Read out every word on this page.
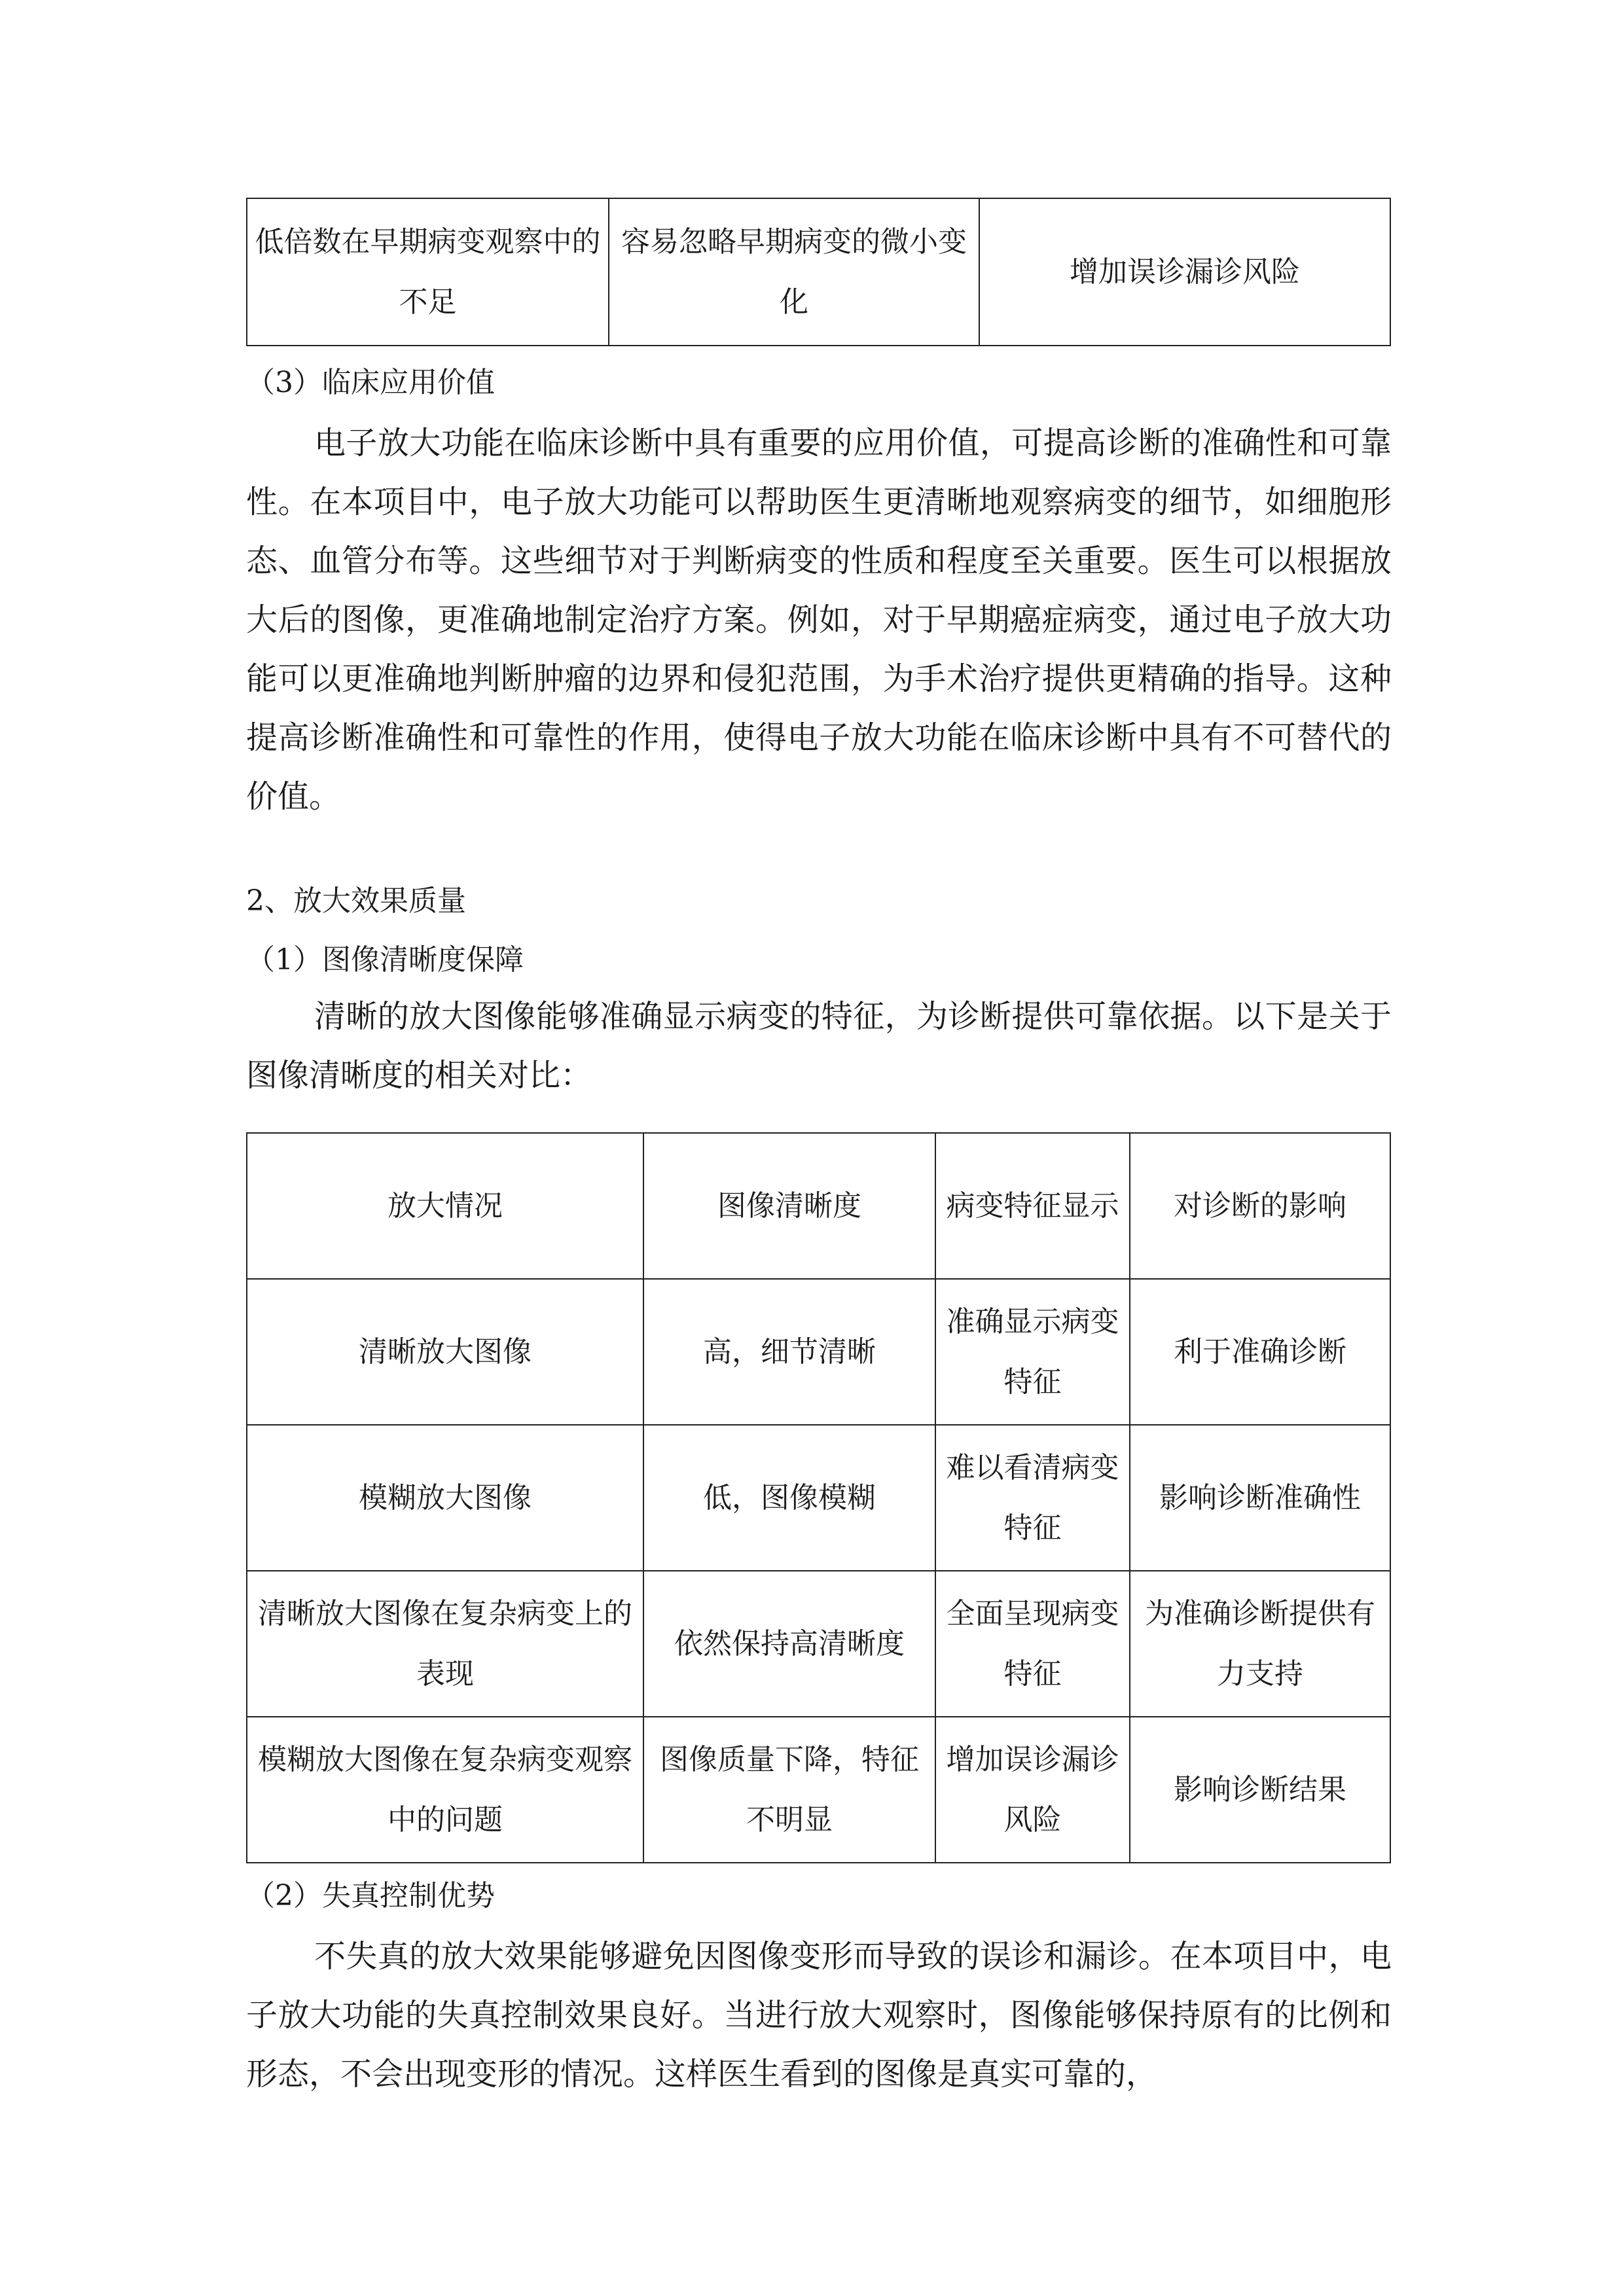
低倍数在早期病变观察中的不足	容易忽略早期病变的微小变化	增加误诊漏诊风险
（3）临床应用价值
电子放大功能在临床诊断中具有重要的应用价值，可提高诊断的准确性和可靠性。在本项目中，电子放大功能可以帮助医生更清晰地观察病变的细节，如细胞形态、血管分布等。这些细节对于判断病变的性质和程度至关重要。医生可以根据放大后的图像，更准确地制定治疗方案。例如，对于早期癌症病变，通过电子放大功能可以更准确地判断肿瘤的边界和侵犯范围，为手术治疗提供更精确的指导。这种提高诊断准确性和可靠性的作用，使得电子放大功能在临床诊断中具有不可替代的价值。
2、放大效果质量
（1）图像清晰度保障
清晰的放大图像能够准确显示病变的特征，为诊断提供可靠依据。以下是关于图像清晰度的相关对比：
放大情况	图像清晰度	病变特征显示	对诊断的影响
清晰放大图像	高，细节清晰	准确显示病变特征	利于准确诊断
模糊放大图像	低，图像模糊	难以看清病变特征	影响诊断准确性
清晰放大图像在复杂病变上的表现	依然保持高清晰度	全面呈现病变特征	为准确诊断提供有力支持
模糊放大图像在复杂病变观察中的问题	图像质量下降，特征不明显	增加误诊漏诊风险	影响诊断结果
（2）失真控制优势
不失真的放大效果能够避免因图像变形而导致的误诊和漏诊。在本项目中，电子放大功能的失真控制效果良好。当进行放大观察时，图像能够保持原有的比例和形态，不会出现变形的情况。这样医生看到的图像是真实可靠的，
